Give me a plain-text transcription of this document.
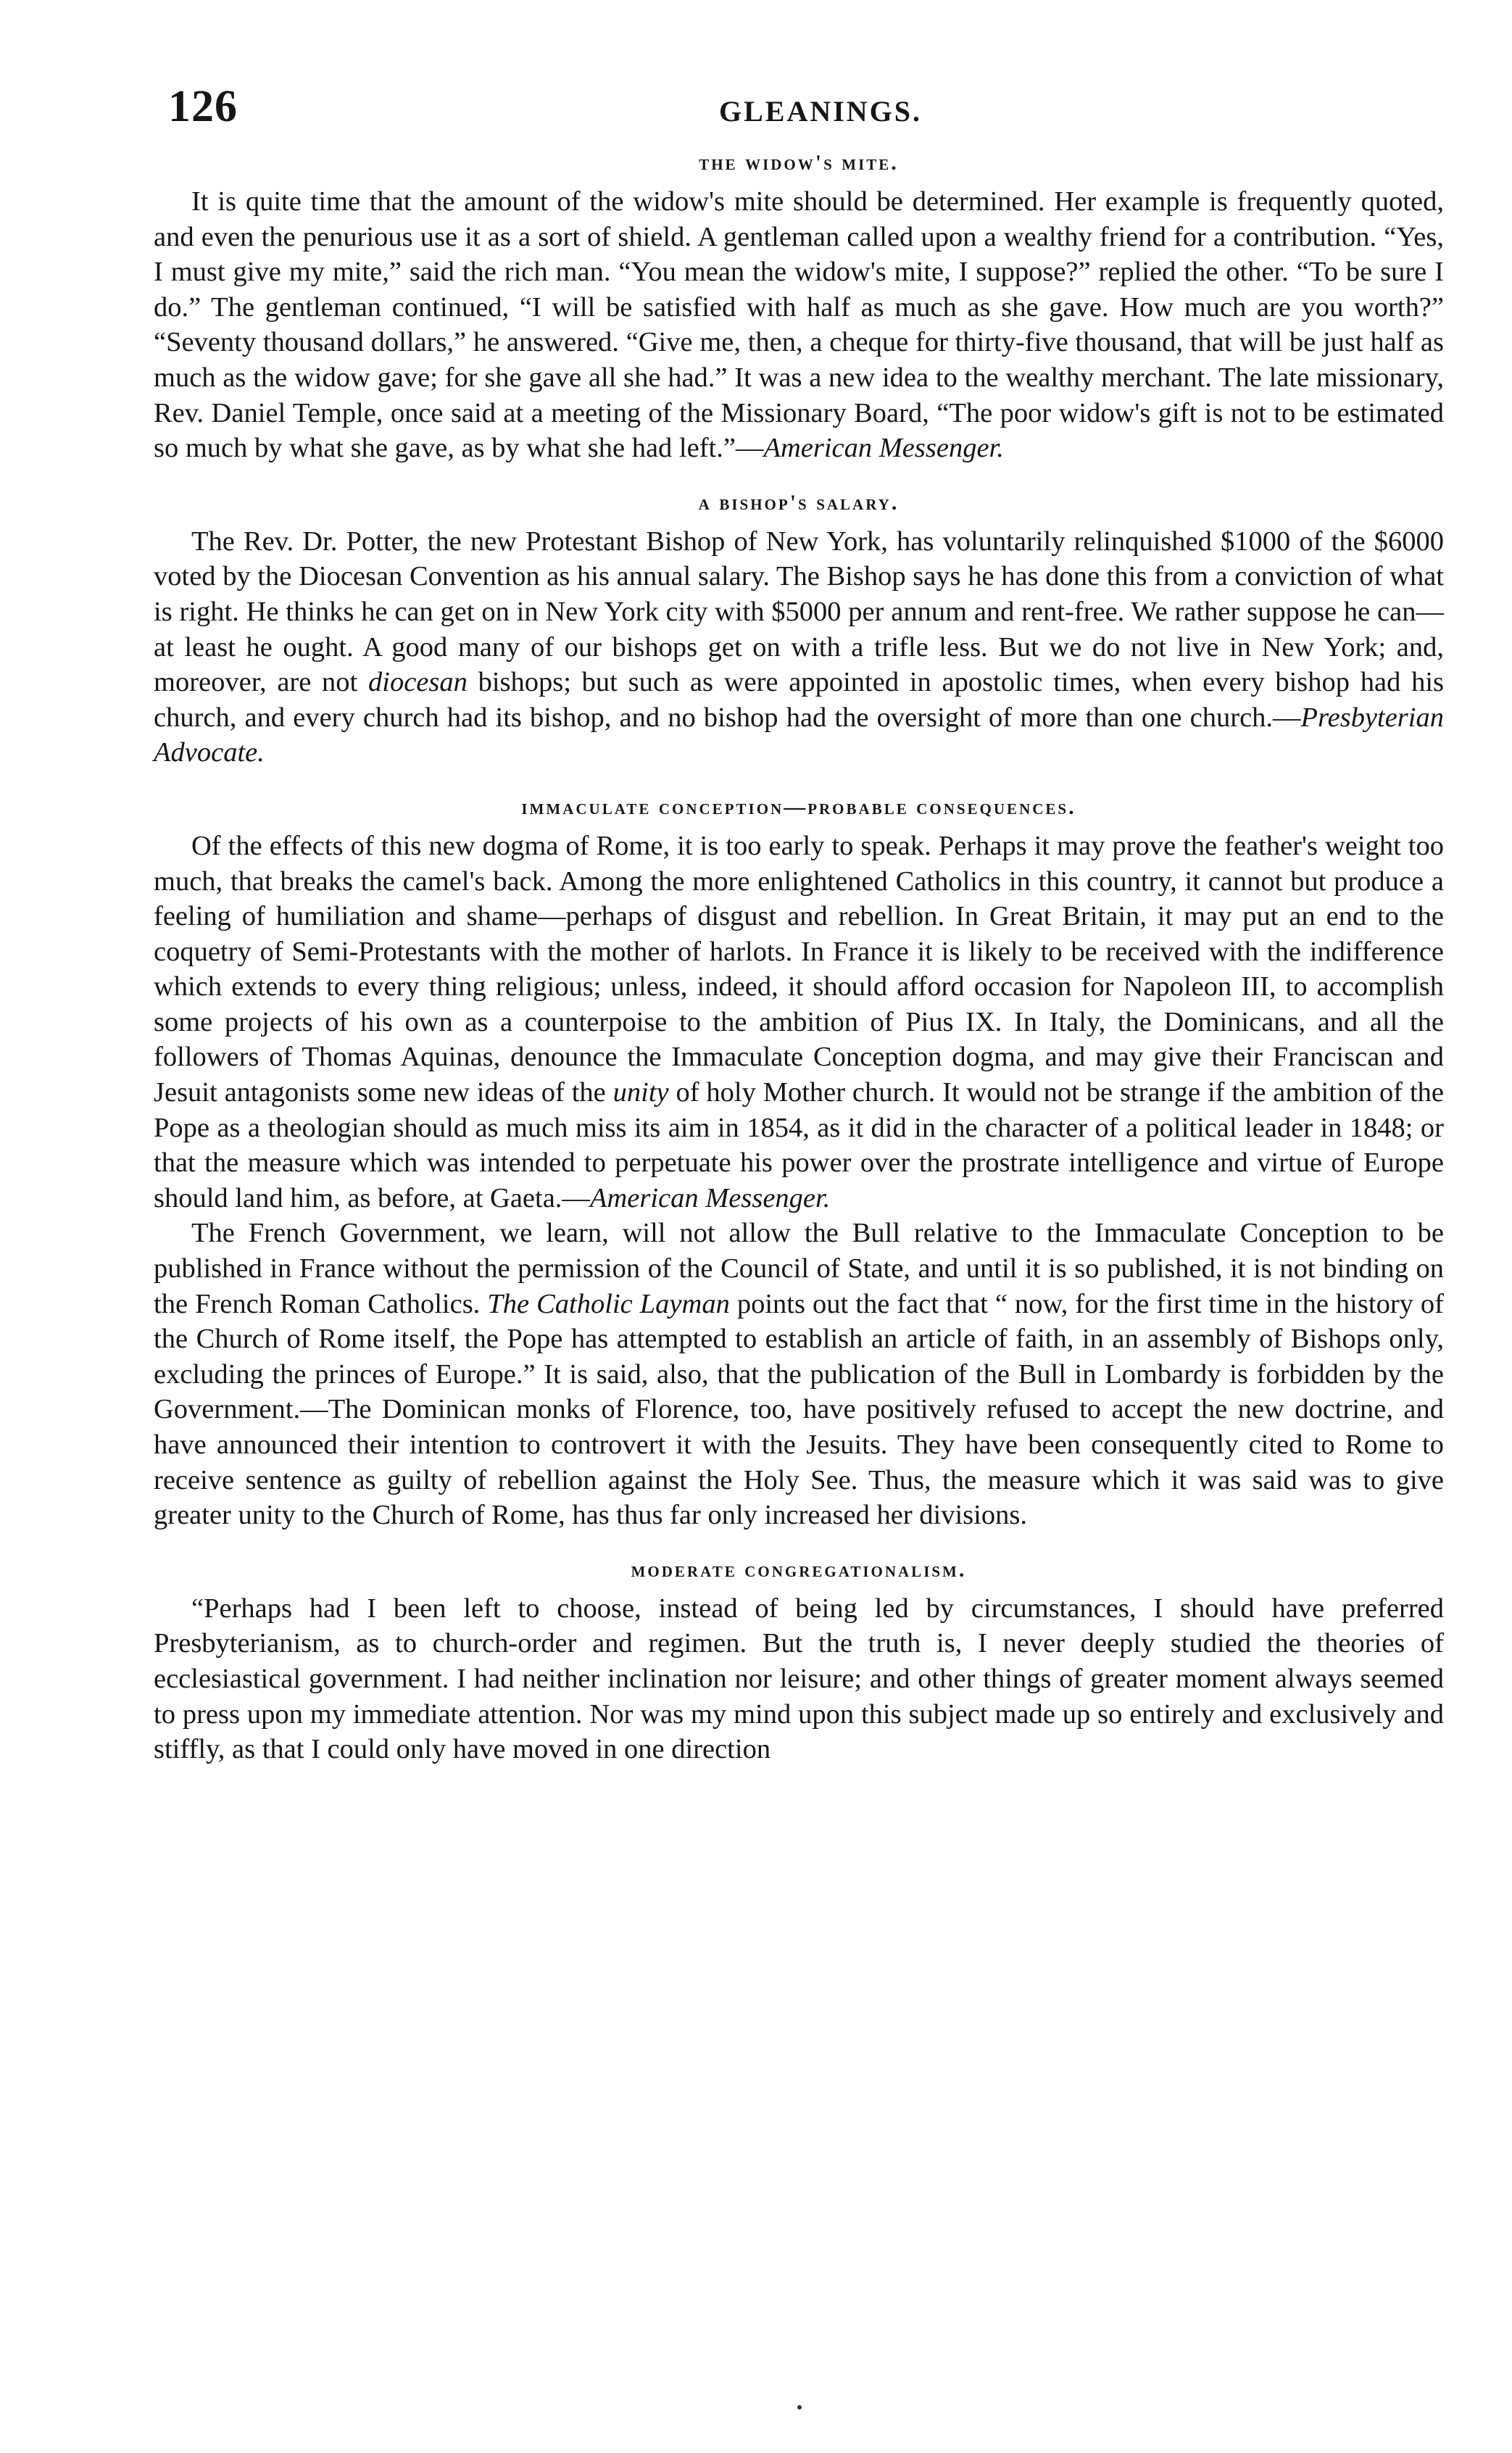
126	GLEANINGS.
the widow's mite.

It is quite time that the amount of the widow's mite should be determined. Her example is frequently quoted, and even the penurious use it as a sort of shield. A gentleman called upon a wealthy friend for a contribution. “Yes, I must give my mite,” said the rich man. “You mean the widow's mite, I suppose?” replied the other. “To be sure I do.” The gentleman continued, “I will be satisfied with half as much as she gave. How much are you worth?” “Seventy thousand dollars,” he answered. “Give me, then, a cheque for thirty-five thousand, that will be just half as much as the widow gave; for she gave all she had.” It was a new idea to the wealthy merchant. The late missionary, Rev. Daniel Temple, once said at a meeting of the Missionary Board, “The poor widow's gift is not to be estimated so much by what she gave, as by what she had left.”—American Messenger.

a bishop's salary.

The Rev. Dr. Potter, the new Protestant Bishop of New York, has voluntarily relinquished $1000 of the $6000 voted by the Diocesan Convention as his annual salary. The Bishop says he has done this from a conviction of what is right. He thinks he can get on in New York city with $5000 per annum and rent-free. We rather suppose he can—at least he ought. A good many of our bishops get on with a trifle less. But we do not live in New York; and, moreover, are not diocesan bishops; but such as were appointed in apostolic times, when every bishop had his church, and every church had its bishop, and no bishop had the oversight of more than one church.—Presbyterian Advocate.

immaculate conception—probable consequences.

Of the effects of this new dogma of Rome, it is too early to speak. Perhaps it may prove the feather's weight too much, that breaks the camel's back. Among the more enlightened Catholics in this country, it cannot but produce a feeling of humiliation and shame—perhaps of disgust and rebellion. In Great Britain, it may put an end to the coquetry of Semi-Protestants with the mother of harlots. In France it is likely to be received with the indifference which extends to every thing religious; unless, indeed, it should afford occasion for Napoleon III, to accomplish some projects of his own as a counterpoise to the ambition of Pius IX. In Italy, the Dominicans, and all the followers of Thomas Aquinas, denounce the Immaculate Conception dogma, and may give their Franciscan and Jesuit antagonists some new ideas of the unity of holy Mother church. It would not be strange if the ambition of the Pope as a theologian should as much miss its aim in 1854, as it did in the character of a political leader in 1848; or that the measure which was intended to perpetuate his power over the prostrate intelligence and virtue of Europe should land him, as before, at Gaeta.—American Messenger.

The French Government, we learn, will not allow the Bull relative to the Immaculate Conception to be published in France without the permission of the Council of State, and until it is so published, it is not binding on the French Roman Catholics. The Catholic Layman points out the fact that “ now, for the first time in the history of the Church of Rome itself, the Pope has attempted to establish an article of faith, in an assembly of Bishops only, excluding the princes of Europe.” It is said, also, that the publication of the Bull in Lombardy is forbidden by the Government.—The Dominican monks of Florence, too, have positively refused to accept the new doctrine, and have announced their intention to controvert it with the Jesuits. They have been consequently cited to Rome to receive sentence as guilty of rebellion against the Holy See. Thus, the measure which it was said was to give greater unity to the Church of Rome, has thus far only increased her divisions.

moderate congregationalism.

“Perhaps had I been left to choose, instead of being led by circumstances, I should have preferred Presbyterianism, as to church-order and regimen. But the truth is, I never deeply studied the theories of ecclesiastical government. I had neither inclination nor leisure; and other things of greater moment always seemed to press upon my immediate attention. Nor was my mind upon this subject made up so entirely and exclusively and stiffly, as that I could only have moved in one direction
